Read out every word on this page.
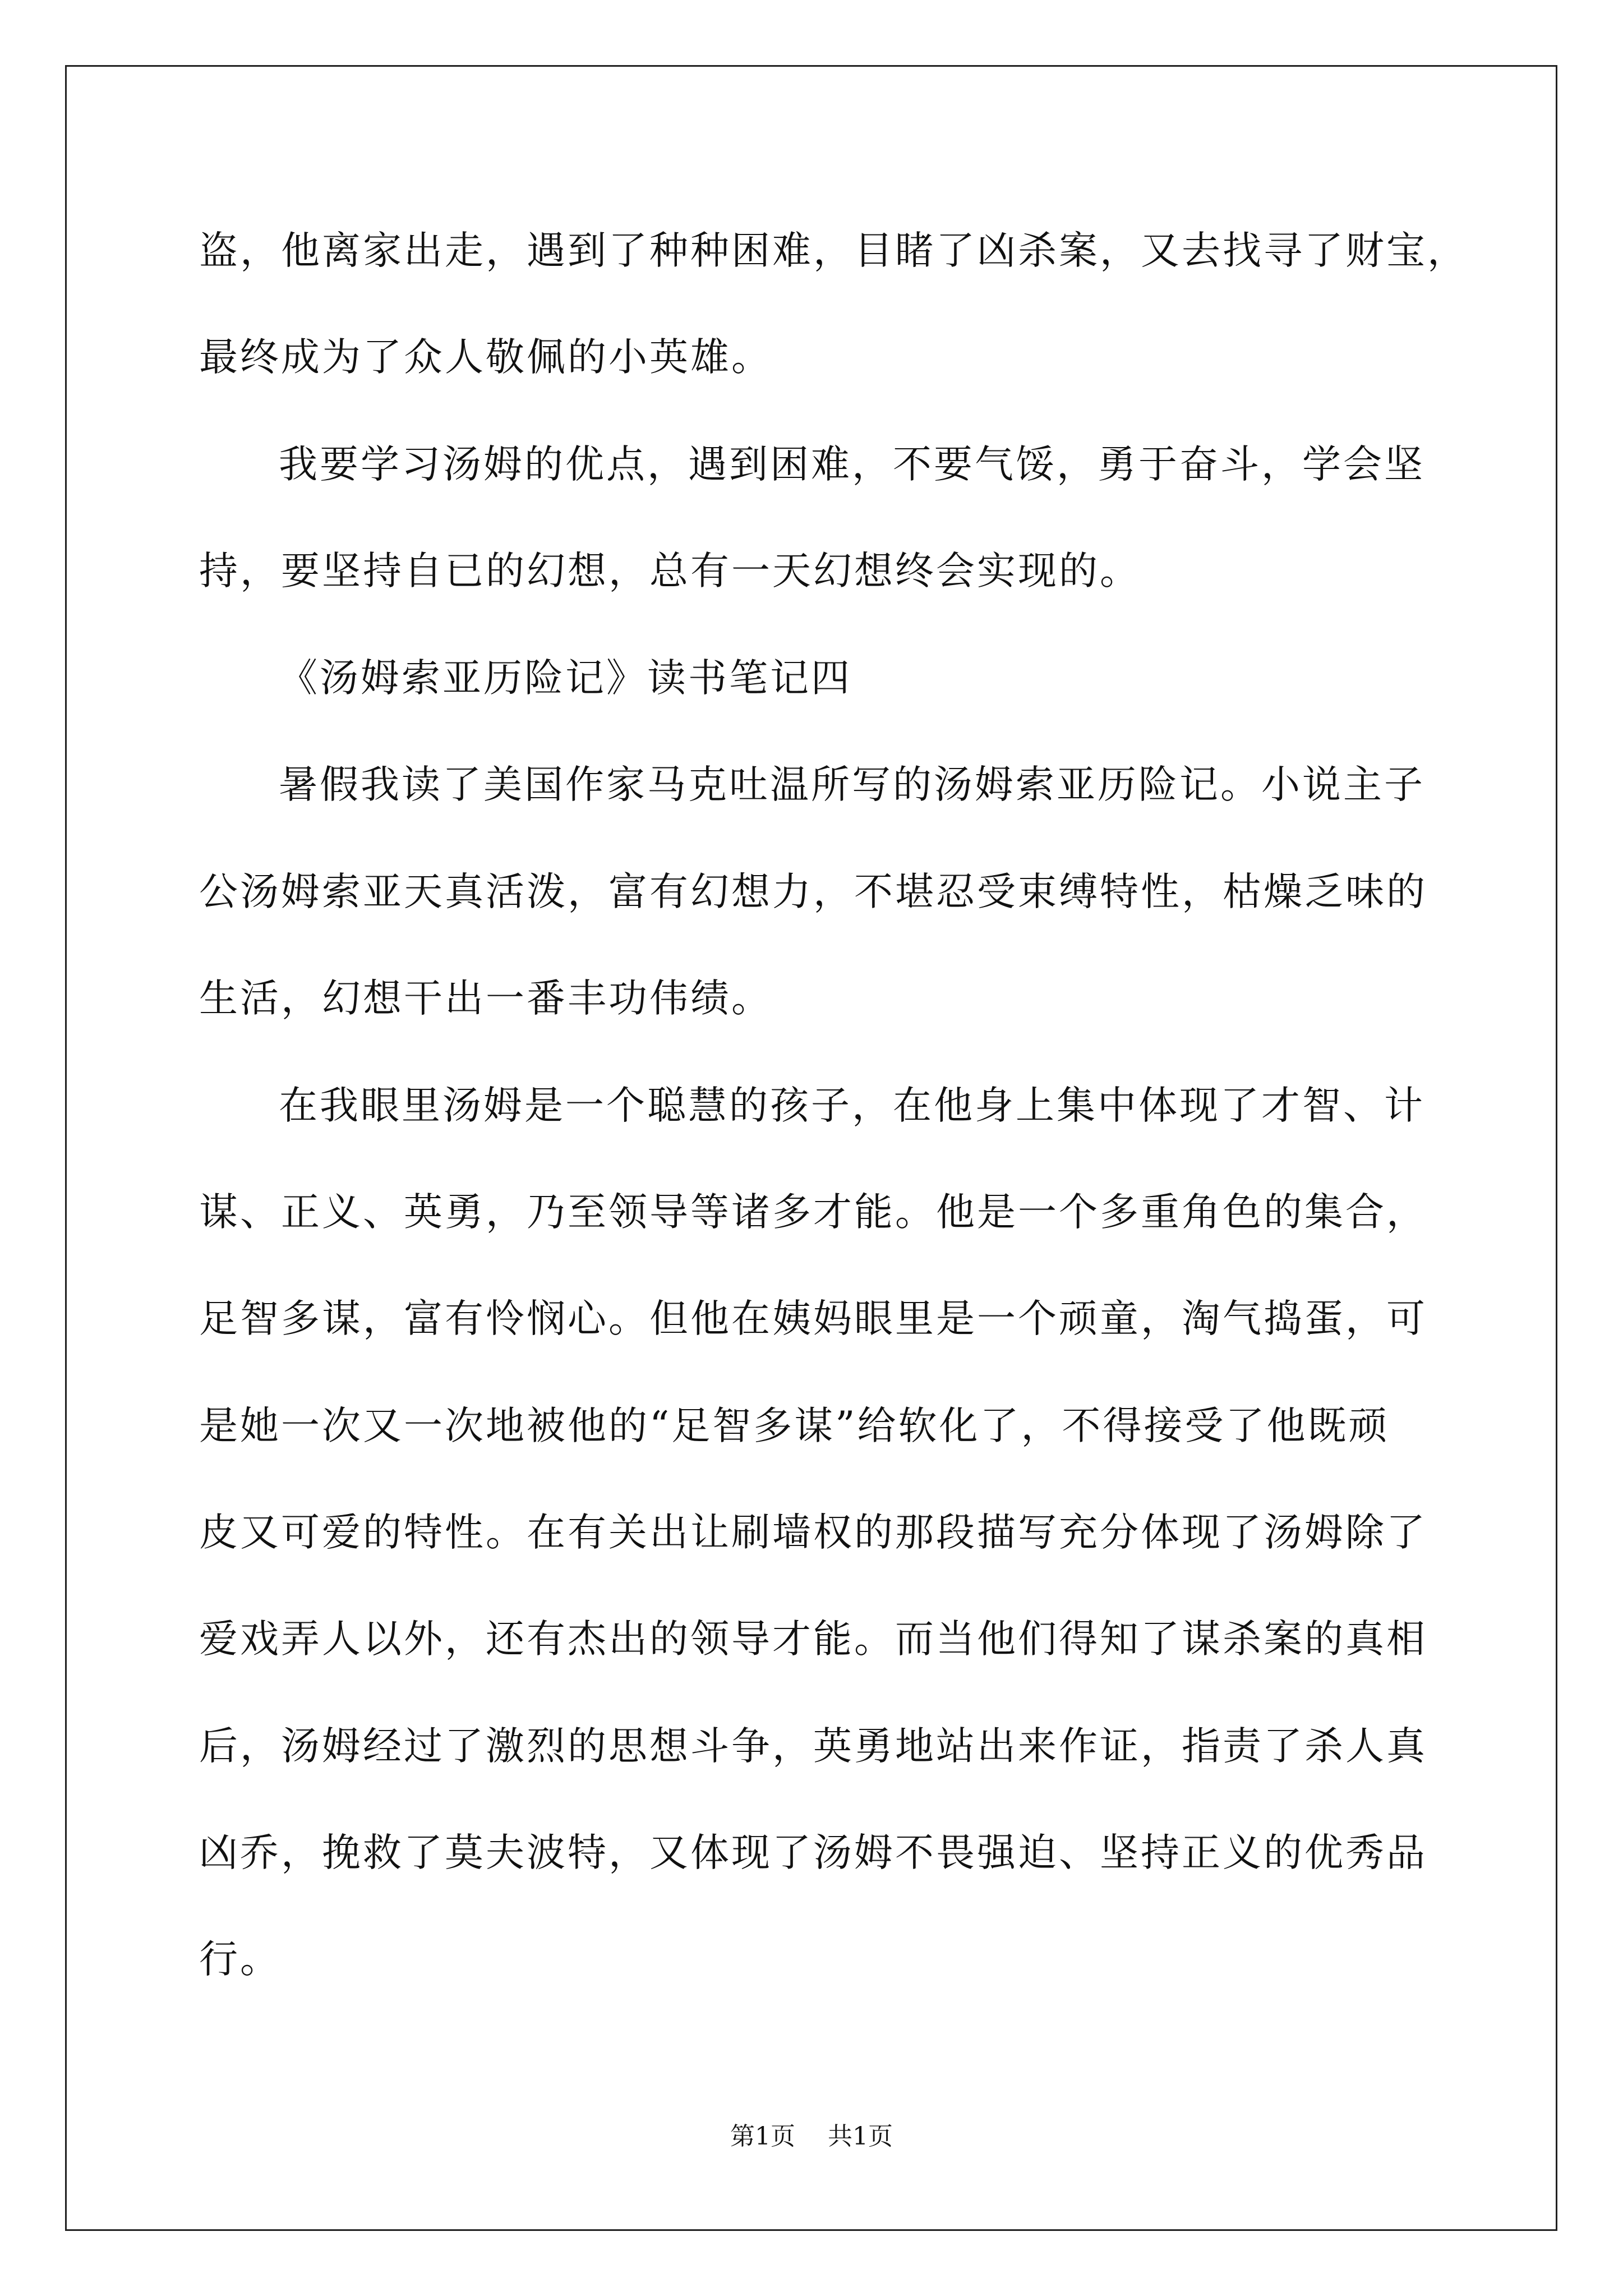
盗，他离家出走，遇到了种种困难，目睹了凶杀案，又去找寻了财宝，
最终成为了众人敬佩的小英雄。
我要学习汤姆的优点，遇到困难，不要气馁，勇于奋斗，学会坚
持，要坚持自已的幻想，总有一天幻想终会实现的。
《汤姆索亚历险记》读书笔记四
暑假我读了美国作家马克吐温所写的汤姆索亚历险记。小说主子
公汤姆索亚天真活泼，富有幻想力，不堪忍受束缚特性，枯燥乏味的
生活，幻想干出一番丰功伟绩。
在我眼里汤姆是一个聪慧的孩子，在他身上集中体现了才智、计
谋、正义、英勇，乃至领导等诸多才能。他是一个多重角色的集合，
足智多谋，富有怜悯心。但他在姨妈眼里是一个顽童，淘气捣蛋，可
是她一次又一次地被他的“足智多谋”给软化了，不得接受了他既顽
皮又可爱的特性。在有关出让刷墙权的那段描写充分体现了汤姆除了
爱戏弄人以外，还有杰出的领导才能。而当他们得知了谋杀案的真相
后，汤姆经过了激烈的思想斗争，英勇地站出来作证，指责了杀人真
凶乔，挽救了莫夫波特，又体现了汤姆不畏强迫、坚持正义的优秀品
行。
第1页 共1页
